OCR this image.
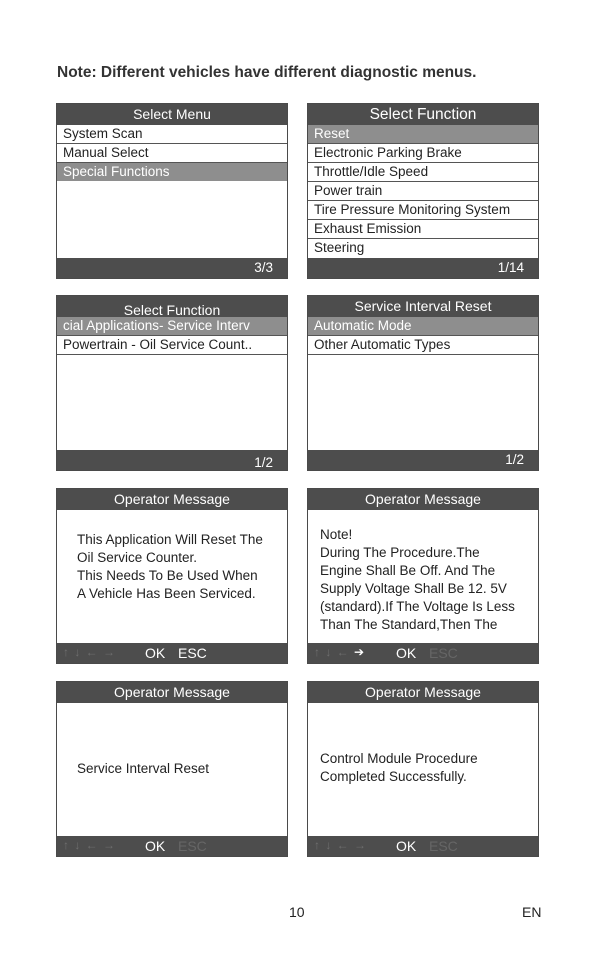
Note: Different vehicles have different diagnostic menus.
Select Menu
System Scan
Manual Select
Special Functions
3/3
Select Function
Reset
Electronic Parking Brake
Throttle/Idle Speed
Power train
Tire Pressure Monitoring System
Exhaust Emission
Steering
1/14
Select Function
cial Applications- Service Interv
Powertrain - Oil Service Count..
1/2
Service Interval Reset
Automatic Mode
Other Automatic Types
1/2
Operator Message
This Application Will Reset The
Oil Service Counter.
This Needs To Be Used When
A Vehicle Has Been Serviced.
↑ ↓ ← → OK ESC
Operator Message
Note!
During The Procedure.The
Engine Shall Be Off. And The
Supply Voltage Shall Be 12. 5V
(standard).If The Voltage Is Less
Than The Standard,Then The
↑ ↓ ← ➔ OK ESC
Operator Message
Service Interval Reset
↑ ↓ ← → OK ESC
Operator Message
Control Module Procedure
Completed Successfully.
↑ ↓ ← → OK ESC
10	EN
